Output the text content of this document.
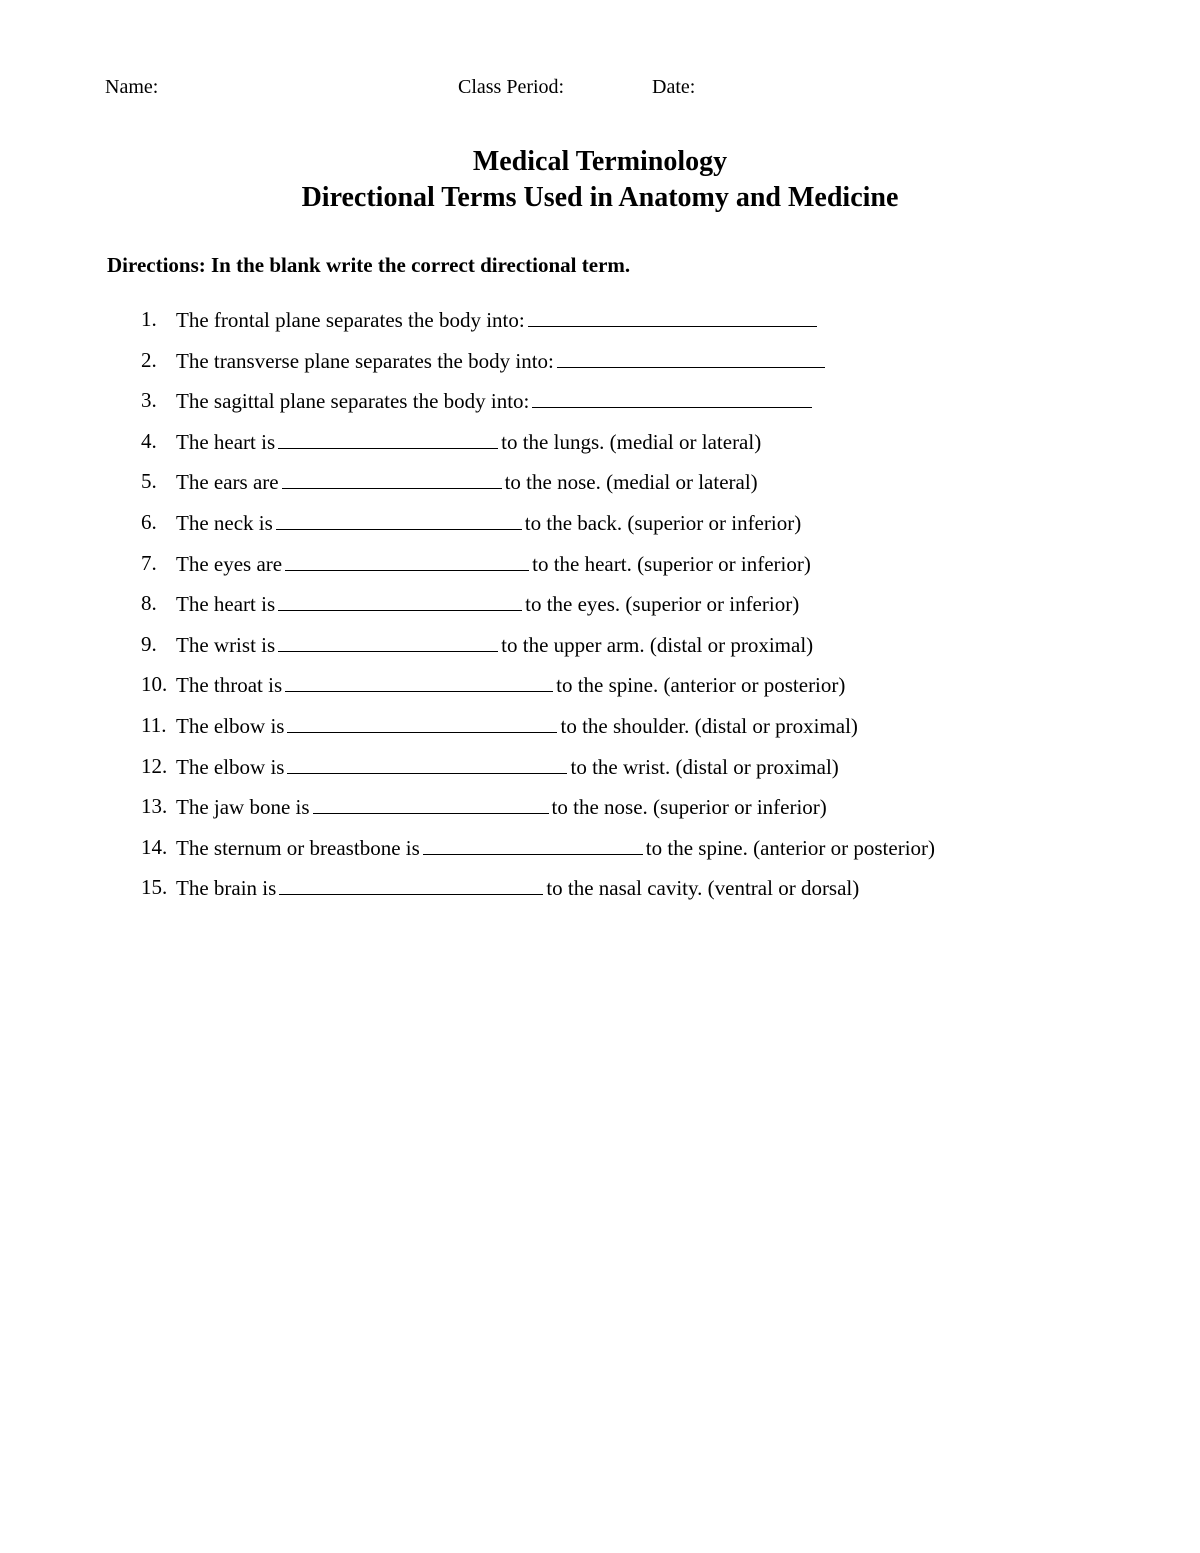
Name:	Class Period:	Date:
Medical Terminology
Directional Terms Used in Anatomy and Medicine
Directions: In the blank write the correct directional term.
1. The frontal plane separates the body into:
2. The transverse plane separates the body into:
3. The sagittal plane separates the body into:
4. The heart is	to the lungs. (medial or lateral)
5. The ears are	to the nose. (medial or lateral)
6. The neck is	to the back. (superior or inferior)
7. The eyes are	to the heart. (superior or inferior)
8. The heart is	to the eyes. (superior or inferior)
9. The wrist is	to the upper arm. (distal or proximal)
10. The throat is	to the spine. (anterior or posterior)
11. The elbow is	to the shoulder. (distal or proximal)
12. The elbow is	to the wrist. (distal or proximal)
13. The jaw bone is	to the nose. (superior or inferior)
14. The sternum or breastbone is	to the spine. (anterior or posterior)
15. The brain is	to the nasal cavity. (ventral or dorsal)
